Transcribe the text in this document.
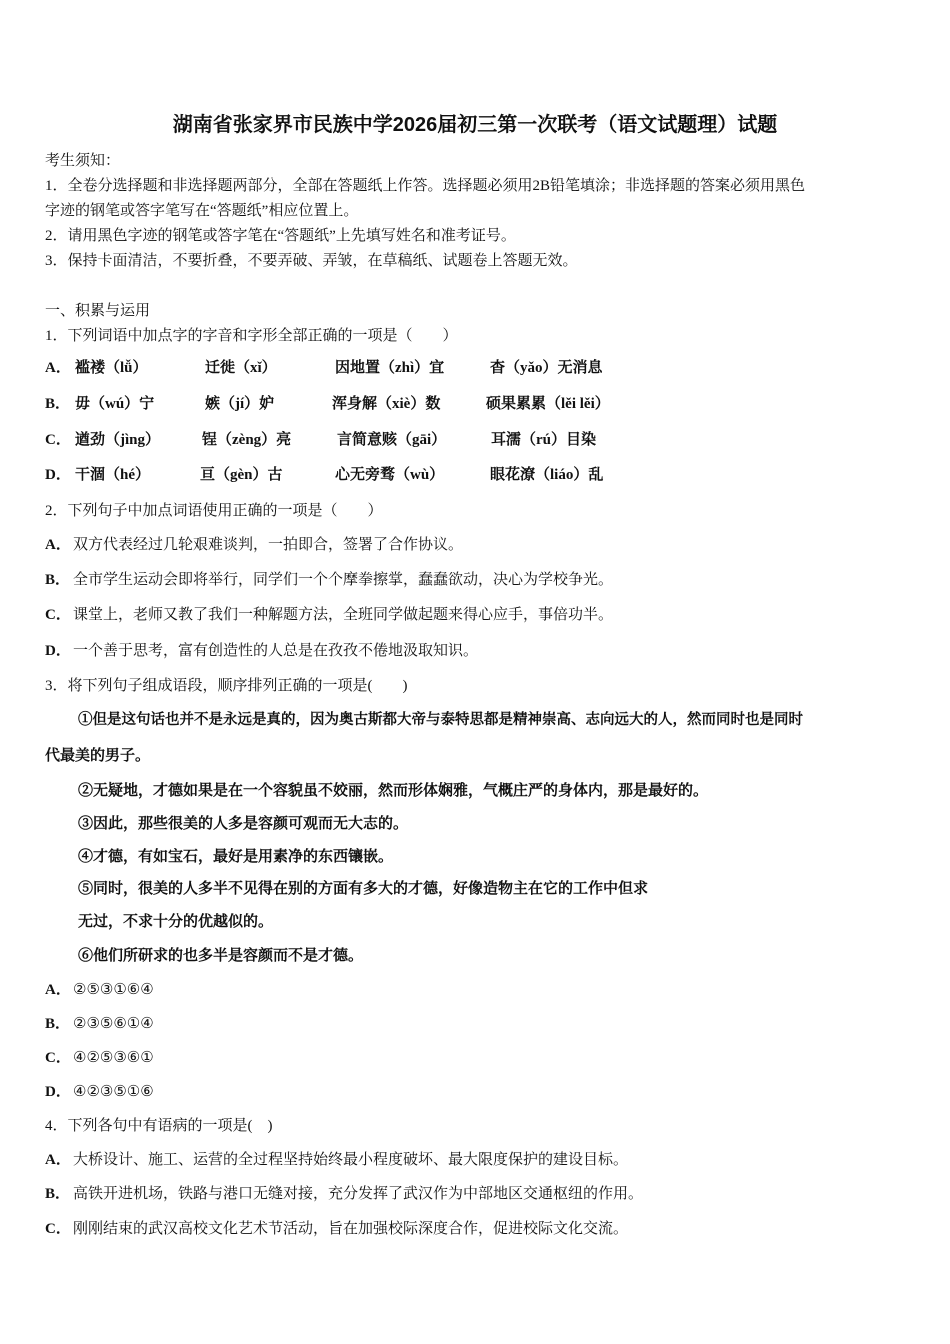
湖南省张家界市民族中学2026届初三第一次联考（语文试题理）试题
考生须知：
1．全卷分选择题和非选择题两部分，全部在答题纸上作答。选择题必须用2B铅笔填涂；非选择题的答案必须用黑色
字迹的钢笔或答字笔写在“答题纸”相应位置上。
2．请用黑色字迹的钢笔或答字笔在“答题纸”上先填写姓名和准考证号。
3．保持卡面清洁，不要折叠，不要弄破、弄皱，在草稿纸、试题卷上答题无效。
一、积累与运用
1．下列词语中加点字的字音和字形全部正确的一项是（　　）
A． 褴褛（lǚ）	迁徙（xǐ）	因地置（zhì）宜	杳（yǎo）无消息
B． 毋（wú）宁	嫉（jí）妒	浑身解（xiè）数	硕果累累（lěi lěi）
C． 遒劲（jìng）	锃（zèng）亮	言简意赅（gāi）	耳濡（rú）目染
D． 干涸（hé）	亘（gèn）古	心无旁骛（wù）	眼花潦（liáo）乱
2．下列句子中加点词语使用正确的一项是（　　）
A． 双方代表经过几轮艰难谈判，一拍即合，签署了合作协议。
B． 全市学生运动会即将举行，同学们一个个摩拳擦掌，蠢蠢欲动，决心为学校争光。
C． 课堂上，老师又教了我们一种解题方法，全班同学做起题来得心应手，事倍功半。
D． 一个善于思考，富有创造性的人总是在孜孜不倦地汲取知识。
3．将下列句子组成语段，顺序排列正确的一项是(　　)
①但是这句话也并不是永远是真的，因为奥古斯都大帝与泰特思都是精神崇高、志向远大的人，然而同时也是同时
代最美的男子。
②无疑地，才德如果是在一个容貌虽不姣丽，然而形体娴雅，气概庄严的身体内，那是最好的。
③因此，那些很美的人多是容颜可观而无大志的。
④才德，有如宝石，最好是用素净的东西镶嵌。
⑤同时，很美的人多半不见得在别的方面有多大的才德，好像造物主在它的工作中但求
无过，不求十分的优越似的。
⑥他们所研求的也多半是容颜而不是才德。
A． ②⑤③①⑥④
B． ②③⑤⑥①④
C． ④②⑤③⑥①
D． ④②③⑤①⑥
4．下列各句中有语病的一项是(　)
A． 大桥设计、施工、运营的全过程坚持始终最小程度破坏、最大限度保护的建设目标。
B． 高铁开进机场，铁路与港口无缝对接，充分发挥了武汉作为中部地区交通枢纽的作用。
C． 刚刚结束的武汉高校文化艺术节活动，旨在加强校际深度合作，促进校际文化交流。
